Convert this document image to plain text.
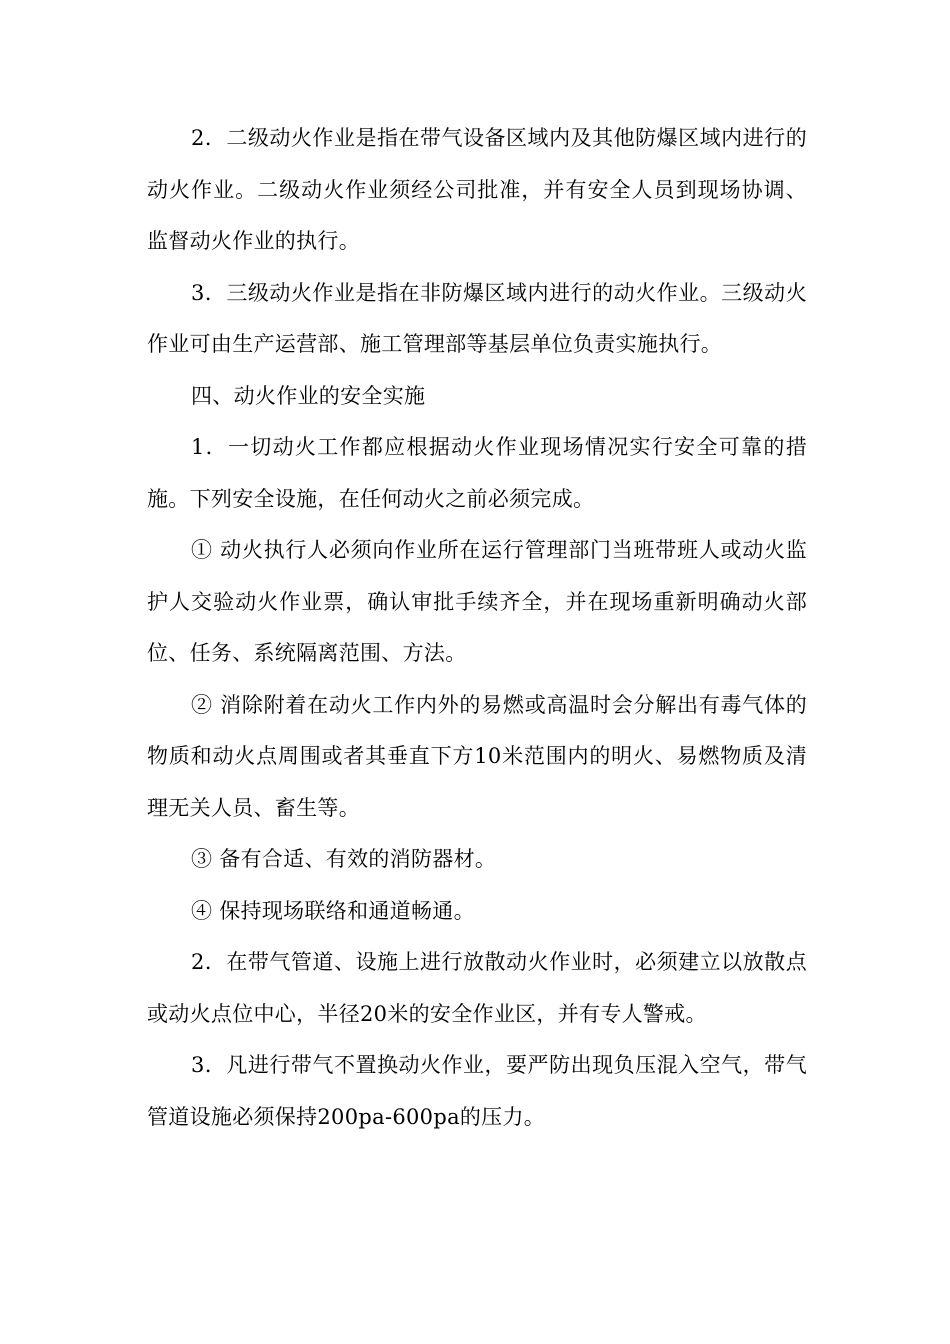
2．二级动火作业是指在带气设备区域内及其他防爆区域内进行的动火作业。二级动火作业须经公司批准，并有安全人员到现场协调、监督动火作业的执行。

3．三级动火作业是指在非防爆区域内进行的动火作业。三级动火作业可由生产运营部、施工管理部等基层单位负责实施执行。

四、动火作业的安全实施

1．一切动火工作都应根据动火作业现场情况实行安全可靠的措施。下列安全设施，在任何动火之前必须完成。

① 动火执行人必须向作业所在运行管理部门当班带班人或动火监护人交验动火作业票，确认审批手续齐全，并在现场重新明确动火部位、任务、系统隔离范围、方法。

② 消除附着在动火工作内外的易燃或高温时会分解出有毒气体的物质和动火点周围或者其垂直下方10米范围内的明火、易燃物质及清理无关人员、畜生等。

③ 备有合适、有效的消防器材。

④ 保持现场联络和通道畅通。

2．在带气管道、设施上进行放散动火作业时，必须建立以放散点或动火点位中心，半径20米的安全作业区，并有专人警戒。

3．凡进行带气不置换动火作业，要严防出现负压混入空气，带气管道设施必须保持200pa-600pa的压力。
